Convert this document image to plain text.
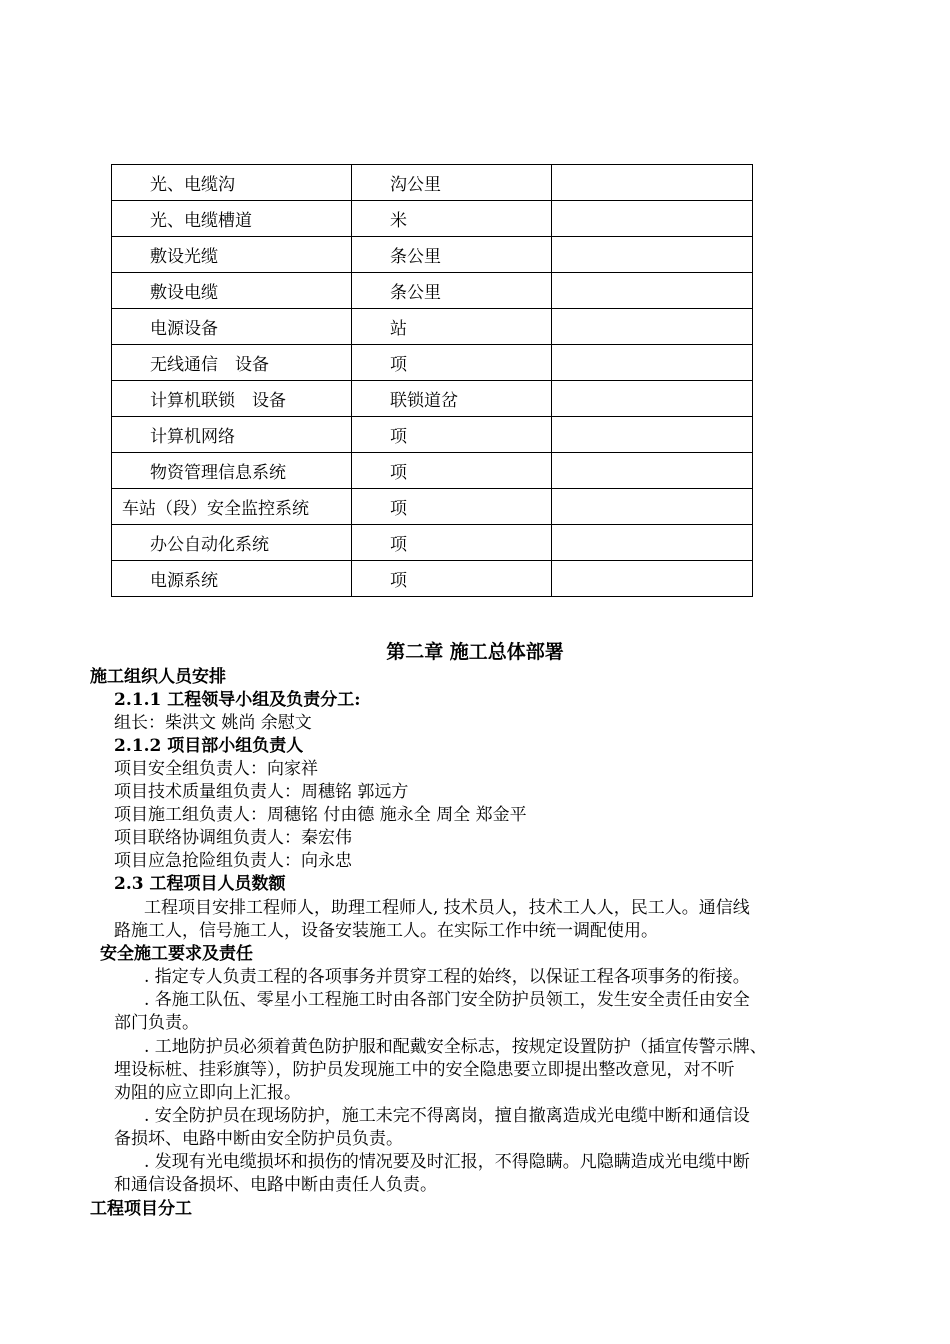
光、电缆沟	沟公里	
光、电缆槽道	米	
敷设光缆	条公里	
敷设电缆	条公里	
电源设备	站	
无线通信　设备	项	
计算机联锁　设备	联锁道岔	
计算机网络	项	
物资管理信息系统	项	
车站（段）安全监控系统	项	
办公自动化系统	项	
电源系统	项	
第二章 施工总体部署
施工组织人员安排
2.1.1 工程领导小组及负责分工:
组长：柴洪文 姚尚 余慰文
2.1.2 项目部小组负责人
项目安全组负责人：向家祥
项目技术质量组负责人：周穗铭 郭远方
项目施工组负责人：周穗铭 付由德 施永全 周全 郑金平
项目联络协调组负责人：秦宏伟
项目应急抢险组负责人：向永忠
2.3 工程项目人员数额
工程项目安排工程师人，助理工程师人, 技术员人，技术工人人，民工人。通信线
路施工人，信号施工人，设备安装施工人。在实际工作中统一调配使用。
安全施工要求及责任
. 指定专人负责工程的各项事务并贯穿工程的始终，以保证工程各项事务的衔接。
. 各施工队伍、零星小工程施工时由各部门安全防护员领工，发生安全责任由安全
部门负责。
. 工地防护员必须着黄色防护服和配戴安全标志，按规定设置防护（插宣传警示牌、
埋设标桩、挂彩旗等），防护员发现施工中的安全隐患要立即提出整改意见，对不听
劝阻的应立即向上汇报。
. 安全防护员在现场防护，施工未完不得离岗，擅自撤离造成光电缆中断和通信设
备损坏、电路中断由安全防护员负责。
. 发现有光电缆损坏和损伤的情况要及时汇报，不得隐瞒。凡隐瞒造成光电缆中断
和通信设备损坏、电路中断由责任人负责。
工程项目分工
